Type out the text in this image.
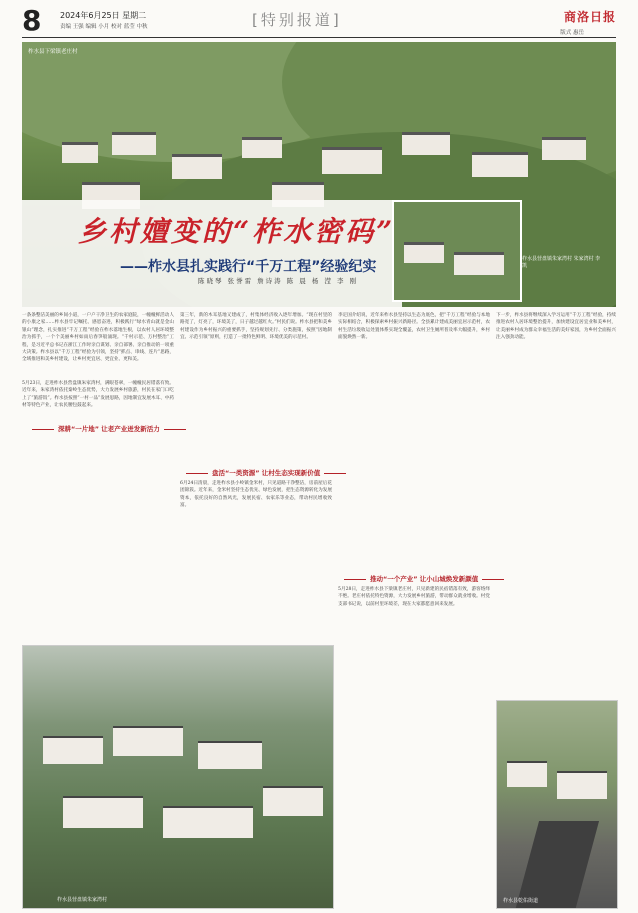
8 2024年6月25日 星期二
责编 王强 编辑 小月 校对 蓝莹 中秋	[特别报道]	商洛日报
版式 惠岳
柞水县下梁镇老庄村
柞水县营盘镇朱家湾村 朱家湾村 李凯
乡村嬗变的“柞水密码”
——柞水县扎实践行“千万工程”经验纪实
陈晓琴 张誉雷 詹诗涛 陈 晨 杨 滢 李 刚
一条条整洁美丽的乡间小道，一户户干净卫生的农家庭院，一幢幢鲜活动人的小康之家……柞水县牢记嘱托、感恩奋进，积极践行“绿水青山就是金山银山”理念，扎实推进“千万工程”经验在柞水落地生根，以农村人居环境整治为抓手，一个个美丽乡村如雨后春笋般涌现。“千村示范、万村整治”工程，是习近平总书记在浙江工作时亲自谋划、亲自部署、亲自推动的一项重大决策。柞水县以“千万工程”经验为引领，坚持“抓点、串线、连片”思路，全域推进和美乡村建设，让乡村更宜居、更宜业、更和美。
5月23日，走进柞水县营盘镇朱家湾村，满眼苍翠，一幢幢民居错落有致。近年来，朱家湾村依托秦岭生态优势，大力发展乡村旅游，村民在家门口吃上了“旅游饭”。柞水县按照“一村一品”发展思路，因地制宜发展木耳、中药材等特色产业，让农民腰包鼓起来。
深耕“一片地” 让老产业迸发新活力
第三年，新的木耳基地又建成了，村集体经济收入逐年增加。“现在村里的路宽了，灯亮了，环境美了，日子越过越红火。”村民们说。柞水县把和美乡村建设作为乡村振兴的重要抓手，坚持规划先行、分类施策，按照“因地制宜、示范引领”原则，打造了一批特色鲜明、环境优美的示范村。
盘活“一类资源” 让村生态实现新价值
6月24日清晨，走进柞水县小岭镇金米村，只见道路干净整洁，房前屋后花团锦簇。近年来，金米村坚持生态优先、绿色发展，把生态资源转化为发展资本，依托良好的自然风光，发展民宿、农家乐等业态，带动村民增收致富。
李定国介绍说，近年来柞水县坚持以生态为底色，把“千万工程”经验与本地实际相结合，积极探索乡村振兴新路径。全县累计建成美丽宜居示范村，农村生活垃圾收运处置体系实现全覆盖，农村卫生厕所普及率大幅提升，乡村面貌焕然一新。
推动“一个产业” 让小山城焕发新颜值
5月28日，走进柞水县下梁镇老庄村，只见新建的民宿错落有致，游客络绎不绝。老庄村依托特色资源，大力发展乡村旅游，带动群众就业增收。村党支部书记说，以前村里环境差，现在大家都愿意回来发展。
下一步，柞水县将继续深入学习运用“千万工程”经验，持续推进农村人居环境整治提升，加快建设宜居宜业和美乡村，让美丽乡村成为群众幸福生活的美好家园，为乡村全面振兴注入强劲动能。
柞水县营盘镇朱家湾村	柞水县乾佑街道
